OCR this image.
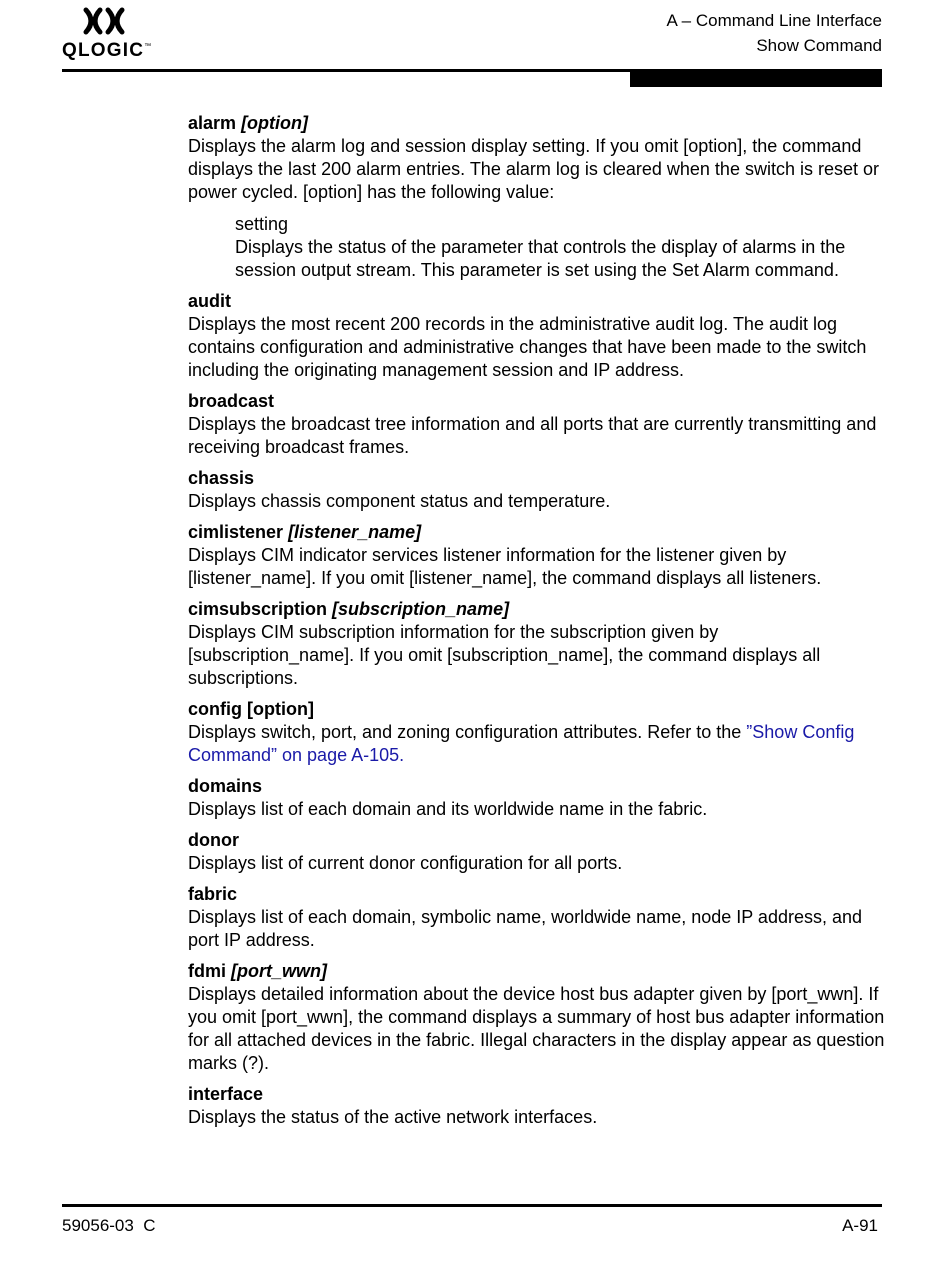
QLOGIC™
A – Command Line Interface
Show Command
alarm [option]
Displays the alarm log and session display setting. If you omit [option], the command displays the last 200 alarm entries. The alarm log is cleared when the switch is reset or power cycled. [option] has the following value:
setting
Displays the status of the parameter that controls the display of alarms in the session output stream. This parameter is set using the Set Alarm command.
audit
Displays the most recent 200 records in the administrative audit log. The audit log contains configuration and administrative changes that have been made to the switch including the originating management session and IP address.
broadcast
Displays the broadcast tree information and all ports that are currently transmitting and receiving broadcast frames.
chassis
Displays chassis component status and temperature.
cimlistener [listener_name]
Displays CIM indicator services listener information for the listener given by [listener_name]. If you omit [listener_name], the command displays all listeners.
cimsubscription [subscription_name]
Displays CIM subscription information for the subscription given by [subscription_name]. If you omit [subscription_name], the command displays all subscriptions.
config [option]
Displays switch, port, and zoning configuration attributes. Refer to the ”Show Config Command” on page A-105.
domains
Displays list of each domain and its worldwide name in the fabric.
donor
Displays list of current donor configuration for all ports.
fabric
Displays list of each domain, symbolic name, worldwide name, node IP address, and port IP address.
fdmi [port_wwn]
Displays detailed information about the device host bus adapter given by [port_wwn]. If you omit [port_wwn], the command displays a summary of host bus adapter information for all attached devices in the fabric. Illegal characters in the display appear as question marks (?).
interface
Displays the status of the active network interfaces.
59056-03  C	A-91
